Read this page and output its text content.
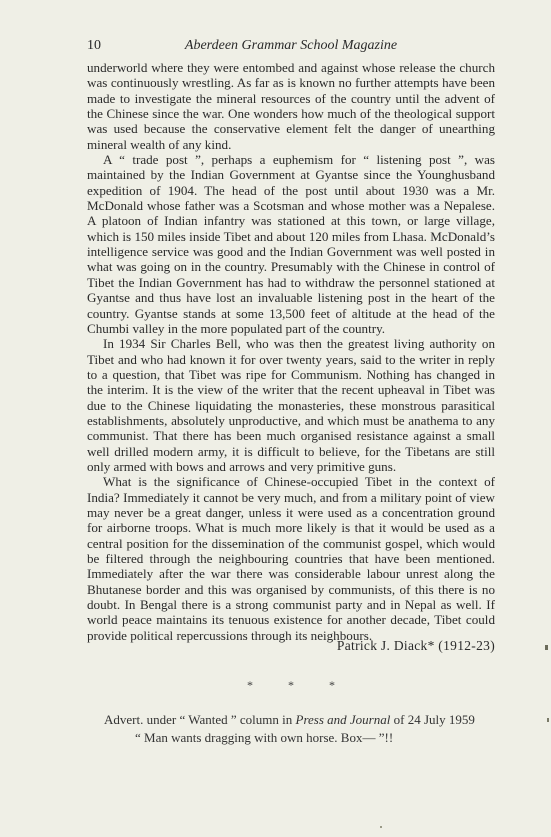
10	Aberdeen Grammar School Magazine

underworld where they were entombed and against whose release the church was continuously wrestling. As far as is known no further attempts have been made to investigate the mineral resources of the country until the advent of the Chinese since the war. One wonders how much of the theological support was used because the conservative element felt the danger of unearthing mineral wealth of any kind.

A “ trade post ”, perhaps a euphemism for “ listening post ”, was maintained by the Indian Government at Gyantse since the Younghusband expedition of 1904. The head of the post until about 1930 was a Mr. McDonald whose father was a Scotsman and whose mother was a Nepalese. A platoon of Indian infantry was stationed at this town, or large village, which is 150 miles inside Tibet and about 120 miles from Lhasa. McDonald’s intelligence service was good and the Indian Government was well posted in what was going on in the country. Presumably with the Chinese in control of Tibet the Indian Government has had to withdraw the personnel stationed at Gyantse and thus have lost an invaluable listening post in the heart of the country. Gyantse stands at some 13,500 feet of altitude at the head of the Chumbi valley in the more populated part of the country.

In 1934 Sir Charles Bell, who was then the greatest living authority on Tibet and who had known it for over twenty years, said to the writer in reply to a question, that Tibet was ripe for Communism. Nothing has changed in the interim. It is the view of the writer that the recent upheaval in Tibet was due to the Chinese liquidating the monasteries, these monstrous parasitical establishments, absolutely unproductive, and which must be anathema to any communist. That there has been much organised resistance against a small well drilled modern army, it is difficult to believe, for the Tibetans are still only armed with bows and arrows and very primitive guns.

What is the significance of Chinese-occupied Tibet in the context of India? Immediately it cannot be very much, and from a military point of view may never be a great danger, unless it were used as a concentration ground for airborne troops. What is much more likely is that it would be used as a central position for the dissemination of the communist gospel, which would be filtered through the neighbouring countries that have been mentioned. Immediately after the war there was considerable labour unrest along the Bhutanese border and this was organised by communists, of this there is no doubt. In Bengal there is a strong communist party and in Nepal as well. If world peace maintains its tenuous existence for another decade, Tibet could provide political repercussions through its neighbours.

Patrick J. Diack* (1912-23)
* * *
Advert. under “ Wanted ” column in Press and Journal of 24 July 1959
“ Man wants dragging with own horse. Box— ”!!
